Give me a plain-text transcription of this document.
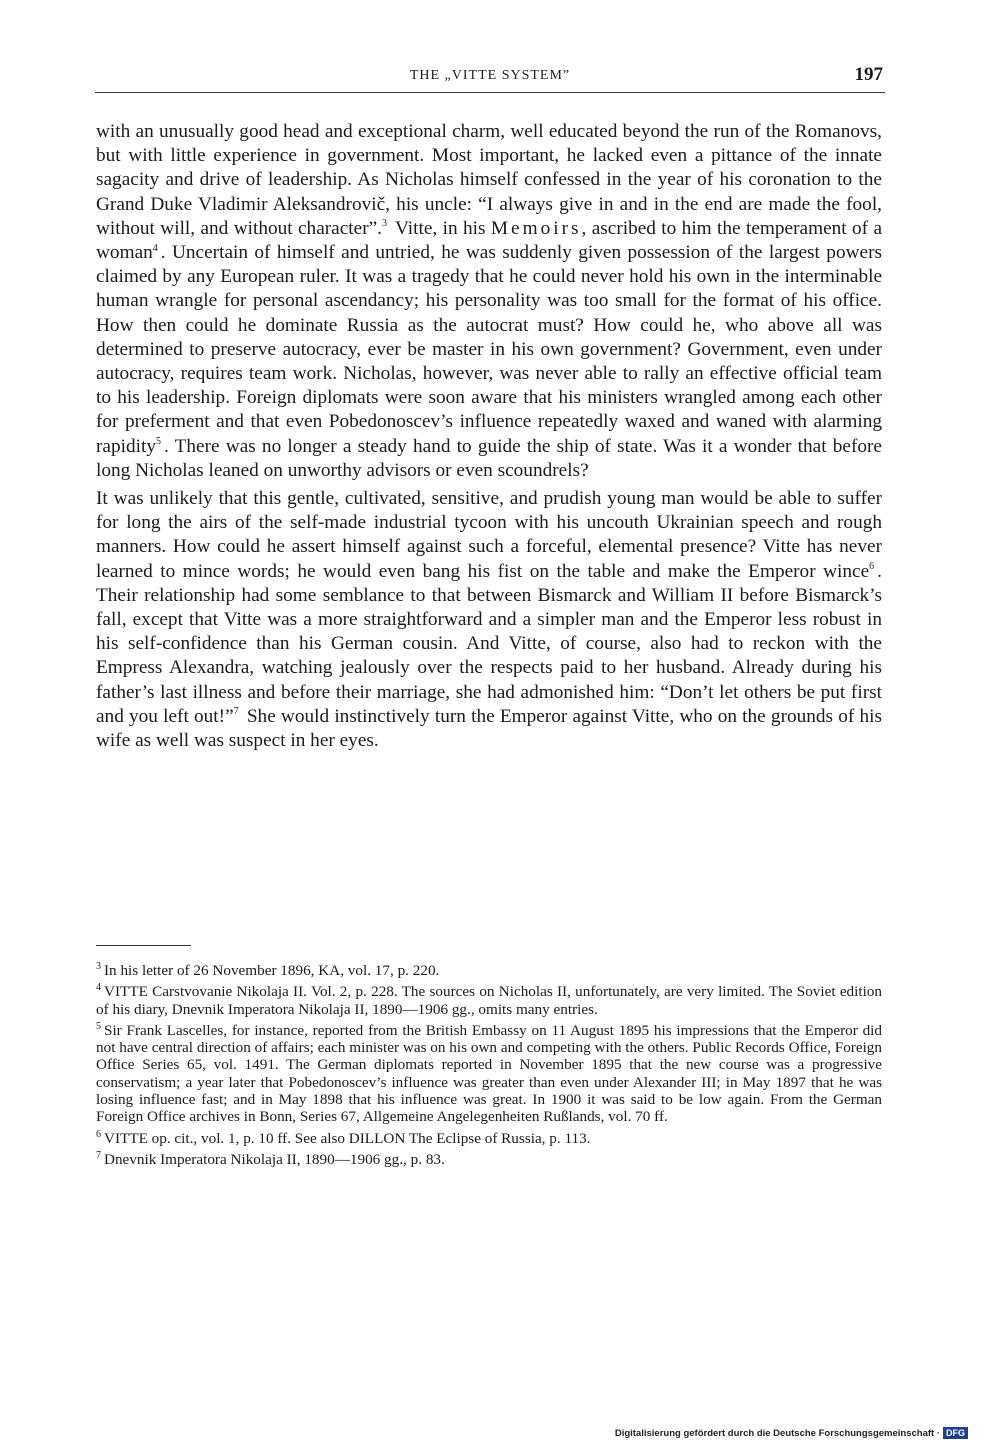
THE „VITTE SYSTEM”	197

with an unusually good head and exceptional charm, well educated beyond the run of the Romanovs, but with little experience in government. Most important, he lacked even a pittance of the innate sagacity and drive of leadership. As Nicholas himself confessed in the year of his coronation to the Grand Duke Vladimir Aleksandrovič, his uncle: “I always give in and in the end are made the fool, without will, and without character”.$^3$ Vitte, in his Memoirs, ascribed to him the temperament of a woman$^4$ . Uncertain of himself and untried, he was suddenly given possession of the largest powers claimed by any European ruler. It was a tragedy that he could never hold his own in the interminable human wrangle for personal ascendancy; his personality was too small for the format of his office. How then could he dominate Russia as the autocrat must? How could he, who above all was determined to preserve autocracy, ever be master in his own government? Government, even under autocracy, requires team work. Nicholas, however, was never able to rally an effective official team to his leadership. Foreign diplomats were soon aware that his ministers wrangled among each other for preferment and that even Pobedonoscev’s influence repeatedly waxed and waned with alarming rapidity$^5$ . There was no longer a steady hand to guide the ship of state. Was it a wonder that before long Nicholas leaned on unworthy advisors or even scoundrels?

It was unlikely that this gentle, cultivated, sensitive, and prudish young man would be able to suffer for long the airs of the self-made industrial tycoon with his uncouth Ukrainian speech and rough manners. How could he assert himself against such a forceful, elemental presence? Vitte has never learned to mince words; he would even bang his fist on the table and make the Emperor wince$^6$ . Their relationship had some semblance to that between Bismarck and William II before Bismarck’s fall, except that Vitte was a more straightforward and a simpler man and the Emperor less robust in his self-confidence than his German cousin. And Vitte, of course, also had to reckon with the Empress Alexandra, watching jealously over the respects paid to her husband. Already during his father’s last illness and before their marriage, she had admonished him: “Don’t let others be put first and you left out!”$^7$ She would instinctively turn the Emperor against Vitte, who on the grounds of his wife as well was suspect in her eyes.

$^3$ In his letter of 26 November 1896, KA, vol. 17, p. 220.

$^4$ VITTE Carstvovanie Nikolaja II. Vol. 2, p. 228. The sources on Nicholas II, unfortunately, are very limited. The Soviet edition of his diary, Dnevnik Imperatora Nikolaja II, 1890—1906 gg., omits many entries.

$^5$ Sir Frank Lascelles, for instance, reported from the British Embassy on 11 August 1895 his impressions that the Emperor did not have central direction of affairs; each minister was on his own and competing with the others. Public Records Office, Foreign Office Series 65, vol. 1491. The German diplomats reported in November 1895 that the new course was a progressive conservatism; a year later that Pobedonoscev’s influence was greater than even under Alexander III; in May 1897 that he was losing influence fast; and in May 1898 that his influence was great. In 1900 it was said to be low again. From the German Foreign Office archives in Bonn, Series 67, Allgemeine Angelegenheiten Rußlands, vol. 70 ff.

$^6$ VITTE op. cit., vol. 1, p. 10 ff. See also DILLON The Eclipse of Russia, p. 113.

$^7$ Dnevnik Imperatora Nikolaja II, 1890—1906 gg., p. 83.

Digitalisierung gefördert durch die Deutsche Forschungsgemeinschaft · DFG
